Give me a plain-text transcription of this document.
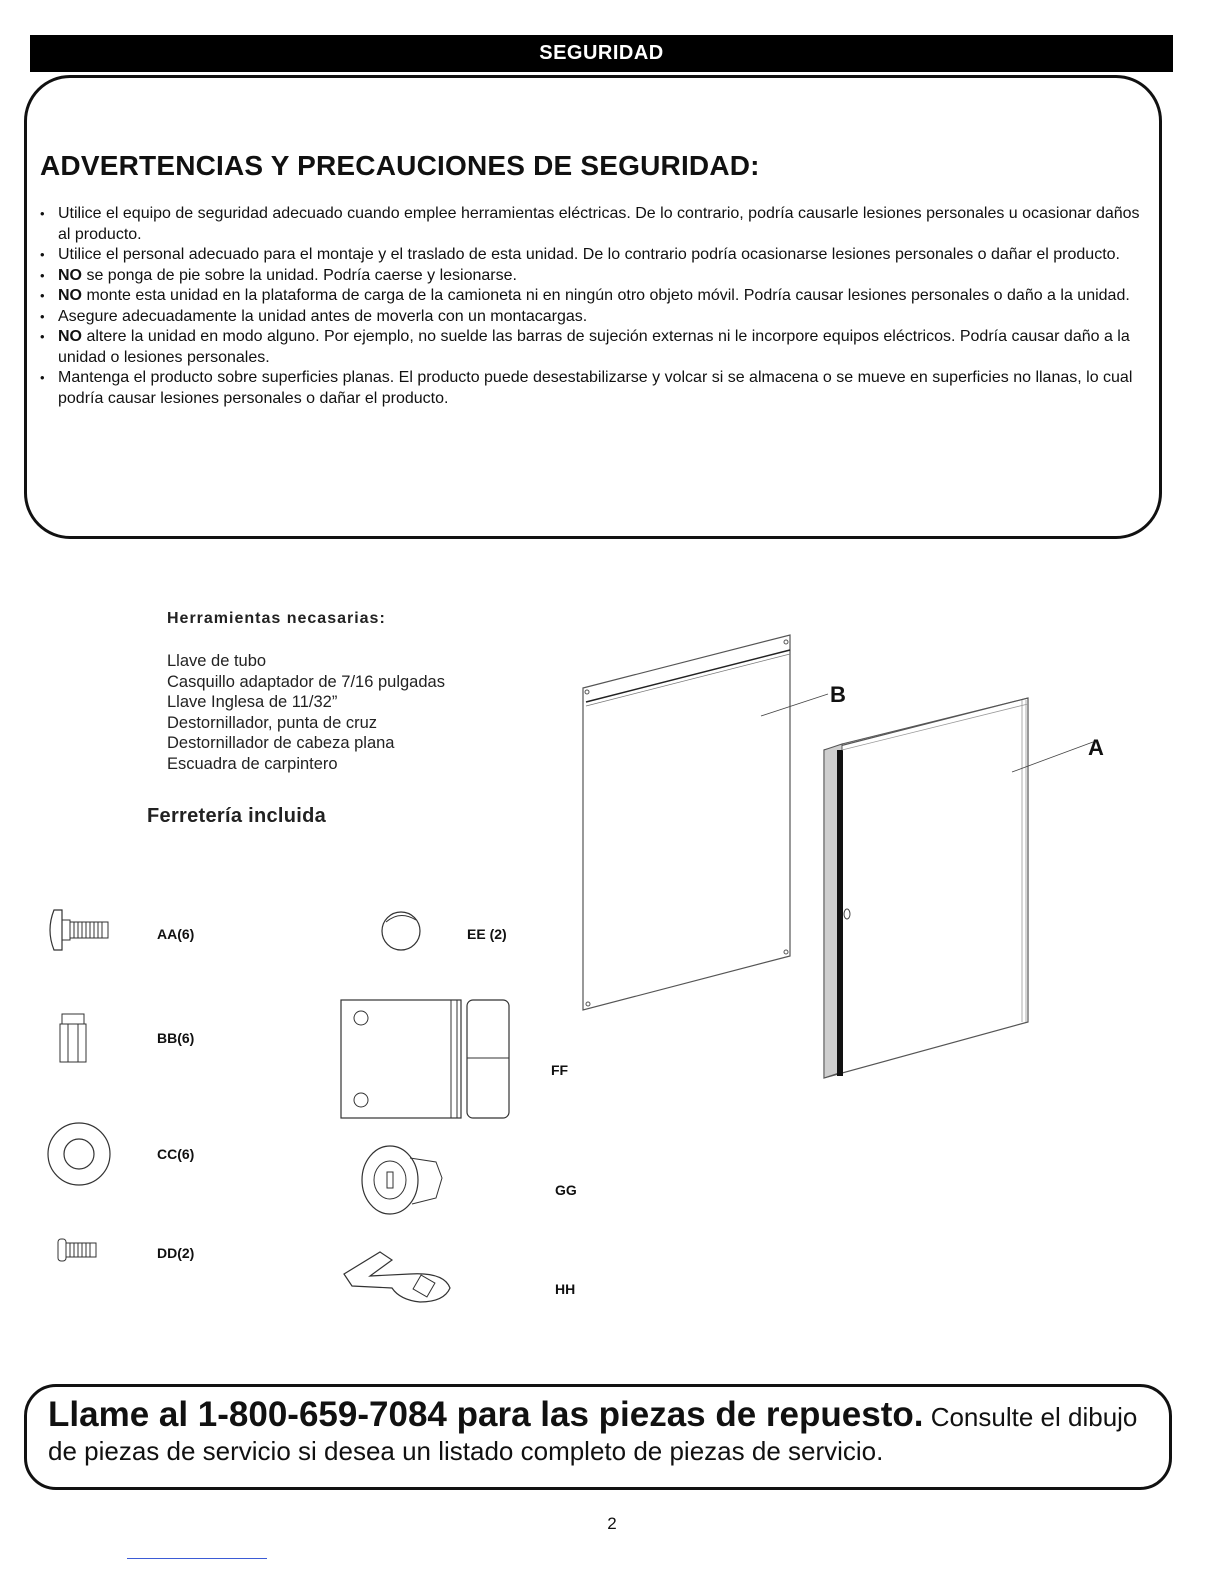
SEGURIDAD
ADVERTENCIAS Y PRECAUCIONES DE SEGURIDAD:
• Utilice el equipo de seguridad adecuado cuando emplee herramientas eléctricas. De lo contrario, podría causarle lesiones personales u ocasionar daños al producto.
• Utilice el personal adecuado para el montaje y el traslado de esta unidad. De lo contrario podría ocasionarse lesiones personales o dañar el producto.
• NO se ponga de pie sobre la unidad. Podría caerse y lesionarse.
• NO monte esta unidad en la plataforma de carga de la camioneta ni en ningún otro objeto móvil. Podría causar lesiones personales o daño a la unidad.
• Asegure adecuadamente la unidad antes de moverla con un montacargas.
• NO altere la unidad en modo alguno. Por ejemplo, no suelde las barras de sujeción externas ni le incorpore equipos eléctricos. Podría causar daño a la unidad o lesiones personales.
• Mantenga el producto sobre superficies planas. El producto puede desestabilizarse y volcar si se almacena o se mueve en superficies no llanas, lo cual podría causar lesiones personales o dañar el producto.
Herramientas necasarias:
Llave de tubo
Casquillo adaptador de 7/16 pulgadas
Llave Inglesa de 11/32”
Destornillador, punta de cruz
Destornillador de cabeza plana
Escuadra de carpintero
Ferretería incluida
AA(6)
BB(6)
CC(6)
DD(2)
EE (2)
FF
GG
HH
B
A
Llame al 1-800-659-7084 para las piezas de repuesto. Consulte el dibujo de piezas de servicio si desea un listado completo de piezas de servicio.
2
